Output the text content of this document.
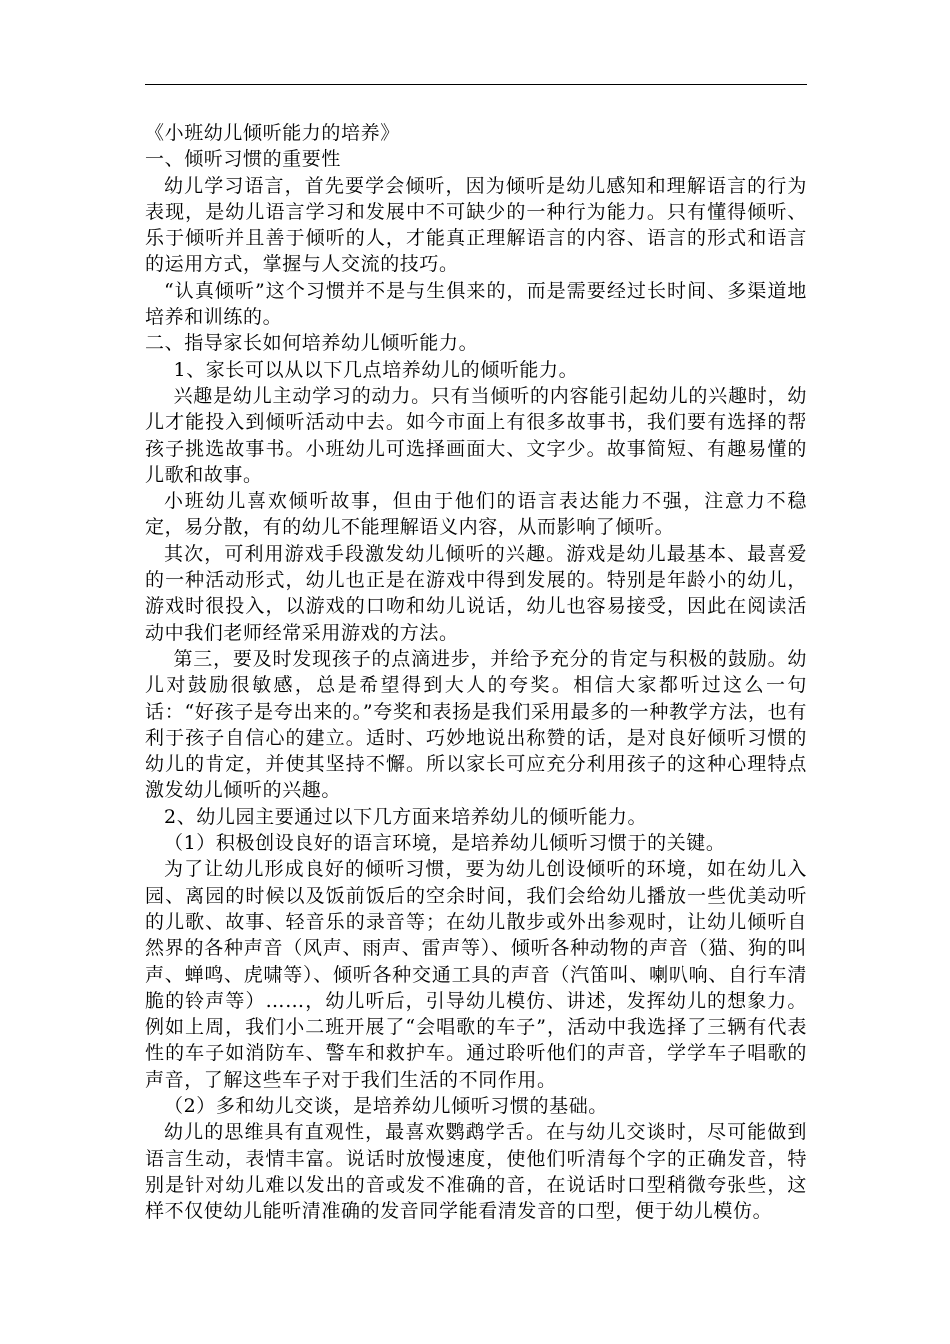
《小班幼儿倾听能力的培养》

一、倾听习惯的重要性

幼儿学习语言，首先要学会倾听，因为倾听是幼儿感知和理解语言的行为表现，是幼儿语言学习和发展中不可缺少的一种行为能力。只有懂得倾听、乐于倾听并且善于倾听的人，才能真正理解语言的内容、语言的形式和语言的运用方式，掌握与人交流的技巧。

“认真倾听”这个习惯并不是与生俱来的，而是需要经过长时间、多渠道地培养和训练的。

二、指导家长如何培养幼儿倾听能力。

1、家长可以从以下几点培养幼儿的倾听能力。

兴趣是幼儿主动学习的动力。只有当倾听的内容能引起幼儿的兴趣时，幼儿才能投入到倾听活动中去。如今市面上有很多故事书，我们要有选择的帮孩子挑选故事书。小班幼儿可选择画面大、文字少。故事简短、有趣易懂的儿歌和故事。

小班幼儿喜欢倾听故事，但由于他们的语言表达能力不强，注意力不稳定，易分散，有的幼儿不能理解语义内容，从而影响了倾听。

其次，可利用游戏手段激发幼儿倾听的兴趣。游戏是幼儿最基本、最喜爱的一种活动形式，幼儿也正是在游戏中得到发展的。特别是年龄小的幼儿，游戏时很投入，以游戏的口吻和幼儿说话，幼儿也容易接受，因此在阅读活动中我们老师经常采用游戏的方法。

第三，要及时发现孩子的点滴进步，并给予充分的肯定与积极的鼓励。幼儿对鼓励很敏感，总是希望得到大人的夸奖。相信大家都听过这么一句话：“好孩子是夸出来的。”夸奖和表扬是我们采用最多的一种教学方法，也有利于孩子自信心的建立。适时、巧妙地说出称赞的话，是对良好倾听习惯的幼儿的肯定，并使其坚持不懈。所以家长可应充分利用孩子的这种心理特点激发幼儿倾听的兴趣。

2、幼儿园主要通过以下几方面来培养幼儿的倾听能力。

（1）积极创设良好的语言环境，是培养幼儿倾听习惯于的关键。

为了让幼儿形成良好的倾听习惯，要为幼儿创设倾听的环境，如在幼儿入园、离园的时候以及饭前饭后的空余时间，我们会给幼儿播放一些优美动听的儿歌、故事、轻音乐的录音等；在幼儿散步或外出参观时，让幼儿倾听自然界的各种声音（风声、雨声、雷声等）、倾听各种动物的声音（猫、狗的叫声、蝉鸣、虎啸等）、倾听各种交通工具的声音（汽笛叫、喇叭响、自行车清脆的铃声等）……，幼儿听后，引导幼儿模仿、讲述，发挥幼儿的想象力。例如上周，我们小二班开展了“会唱歌的车子”，活动中我选择了三辆有代表性的车子如消防车、警车和救护车。通过聆听他们的声音，学学车子唱歌的声音，了解这些车子对于我们生活的不同作用。

（2）多和幼儿交谈，是培养幼儿倾听习惯的基础。

幼儿的思维具有直观性，最喜欢鹦鹉学舌。在与幼儿交谈时，尽可能做到语言生动，表情丰富。说话时放慢速度，使他们听清每个字的正确发音，特别是针对幼儿难以发出的音或发不准确的音，在说话时口型稍微夸张些，这样不仅使幼儿能听清准确的发音同学能看清发音的口型，便于幼儿模仿。
